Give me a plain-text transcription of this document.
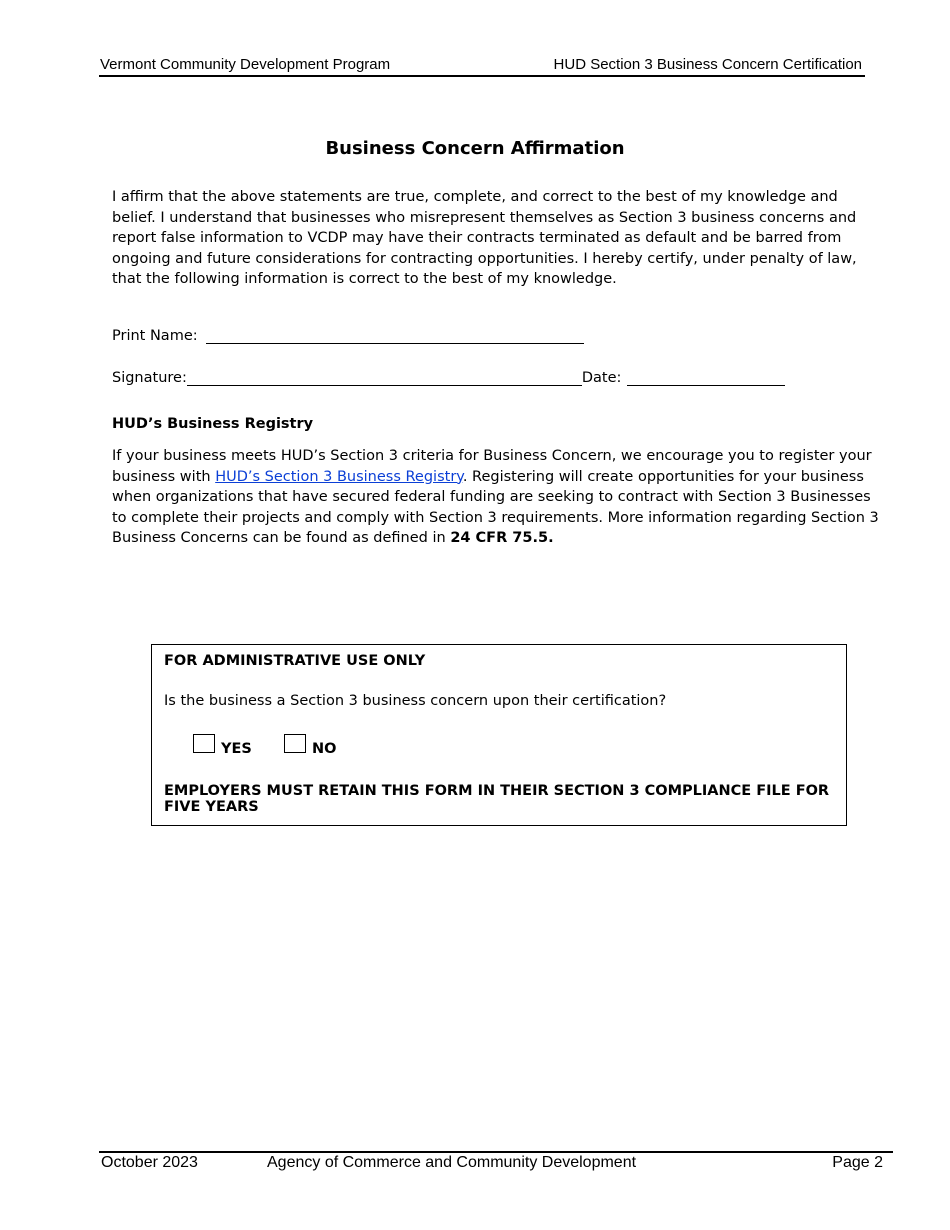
Vermont Community Development Program	HUD Section 3 Business Concern Certification
Business Concern Affirmation
I affirm that the above statements are true, complete, and correct to the best of my knowledge and belief. I understand that businesses who misrepresent themselves as Section 3 business concerns and report false information to VCDP may have their contracts terminated as default and be barred from ongoing and future considerations for contracting opportunities. I hereby certify, under penalty of law, that the following information is correct to the best of my knowledge.
Print Name:
Signature:	Date:
HUD’s Business Registry
If your business meets HUD’s Section 3 criteria for Business Concern, we encourage you to register your business with HUD’s Section 3 Business Registry. Registering will create opportunities for your business when organizations that have secured federal funding are seeking to contract with Section 3 Businesses to complete their projects and comply with Section 3 requirements. More information regarding Section 3 Business Concerns can be found as defined in 24 CFR 75.5.
FOR ADMINISTRATIVE USE ONLY
Is the business a Section 3 business concern upon their certification?
YES	NO
EMPLOYERS MUST RETAIN THIS FORM IN THEIR SECTION 3 COMPLIANCE FILE FOR FIVE YEARS
October 2023	Agency of Commerce and Community Development	Page 2
